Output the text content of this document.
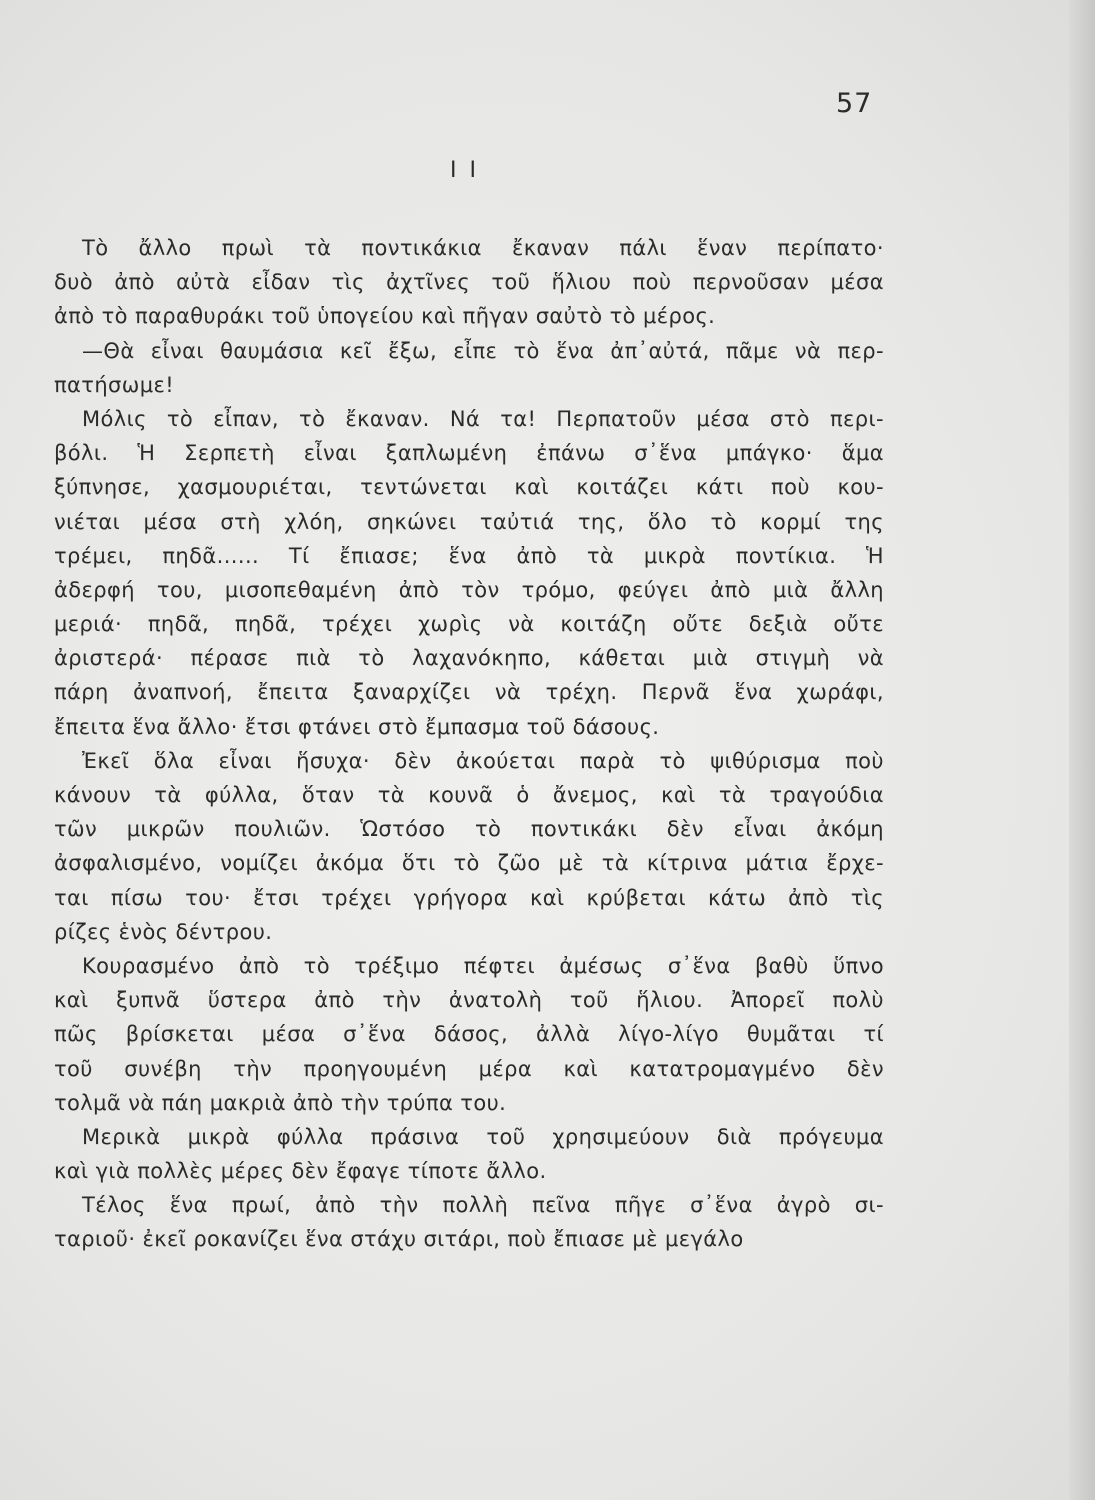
57
I I
Τὸ ἄλλο πρωὶ τὰ ποντικάκια ἔκαναν πάλι ἕναν περίπατο·
δυὸ ἀπὸ αὐτὰ εἶδαν τὶς ἀχτῖνες τοῦ ἥλιου ποὺ περνοῦσαν μέσα
ἀπὸ τὸ παραθυράκι τοῦ ὑπογείου καὶ πῆγαν σαὐτὸ τὸ μέρος.
—Θὰ εἶναι θαυμάσια κεῖ ἔξω, εἶπε τὸ ἕνα ἀπ᾽αὐτά, πᾶμε νὰ περ-
πατήσωμε!
Μόλις τὸ εἶπαν, τὸ ἔκαναν. Νά τα! Περπατοῦν μέσα στὸ περι-
βόλι. Ἡ Σερπετὴ εἶναι ξαπλωμένη ἐπάνω σ᾽ἕνα μπάγκο· ἅμα
ξύπνησε, χασμουριέται, τεντώνεται καὶ κοιτάζει κάτι ποὺ κου-
νιέται μέσα στὴ χλόη, σηκώνει ταὐτιά της, ὅλο τὸ κορμί της
τρέμει, πηδᾶ...... Τί ἔπιασε; ἕνα ἀπὸ τὰ μικρὰ ποντίκια. Ἡ
ἀδερφή του, μισοπεθαμένη ἀπὸ τὸν τρόμο, φεύγει ἀπὸ μιὰ ἄλλη
μεριά· πηδᾶ, πηδᾶ, τρέχει χωρὶς νὰ κοιτάζη οὔτε δεξιὰ οὔτε
ἀριστερά· πέρασε πιὰ τὸ λαχανόκηπο, κάθεται μιὰ στιγμὴ νὰ
πάρη ἀναπνοή, ἔπειτα ξαναρχίζει νὰ τρέχη. Περνᾶ ἕνα χωράφι,
ἔπειτα ἕνα ἄλλο· ἔτσι φτάνει στὸ ἔμπασμα τοῦ δάσους.
Ἐκεῖ ὅλα εἶναι ἥσυχα· δὲν ἀκούεται παρὰ τὸ ψιθύρισμα ποὺ
κάνουν τὰ φύλλα, ὅταν τὰ κουνᾶ ὁ ἄνεμος, καὶ τὰ τραγούδια
τῶν μικρῶν πουλιῶν. Ὡστόσο τὸ ποντικάκι δὲν εἶναι ἀκόμη
ἀσφαλισμένο, νομίζει ἀκόμα ὅτι τὸ ζῶο μὲ τὰ κίτρινα μάτια ἔρχε-
ται πίσω του· ἔτσι τρέχει γρήγορα καὶ κρύβεται κάτω ἀπὸ τὶς
ρίζες ἑνὸς δέντρου.
Κουρασμένο ἀπὸ τὸ τρέξιμο πέφτει ἀμέσως σ᾽ἕνα βαθὺ ὕπνο
καὶ ξυπνᾶ ὕστερα ἀπὸ τὴν ἀνατολὴ τοῦ ἥλιου. Ἀπορεῖ πολὺ
πῶς βρίσκεται μέσα σ᾽ἕνα δάσος, ἀλλὰ λίγο-λίγο θυμᾶται τί
τοῦ συνέβη τὴν προηγουμένη μέρα καὶ κατατρομαγμένο δὲν
τολμᾶ νὰ πάη μακριὰ ἀπὸ τὴν τρύπα του.
Μερικὰ μικρὰ φύλλα πράσινα τοῦ χρησιμεύουν διὰ πρόγευμα
καὶ γιὰ πολλὲς μέρες δὲν ἔφαγε τίποτε ἄλλο.
Τέλος ἕνα πρωί, ἀπὸ τὴν πολλὴ πεῖνα πῆγε σ᾽ἕνα ἀγρὸ σι-
ταριοῦ· ἐκεῖ ροκανίζει ἕνα στάχυ σιτάρι, ποὺ ἔπιασε μὲ μεγάλο
